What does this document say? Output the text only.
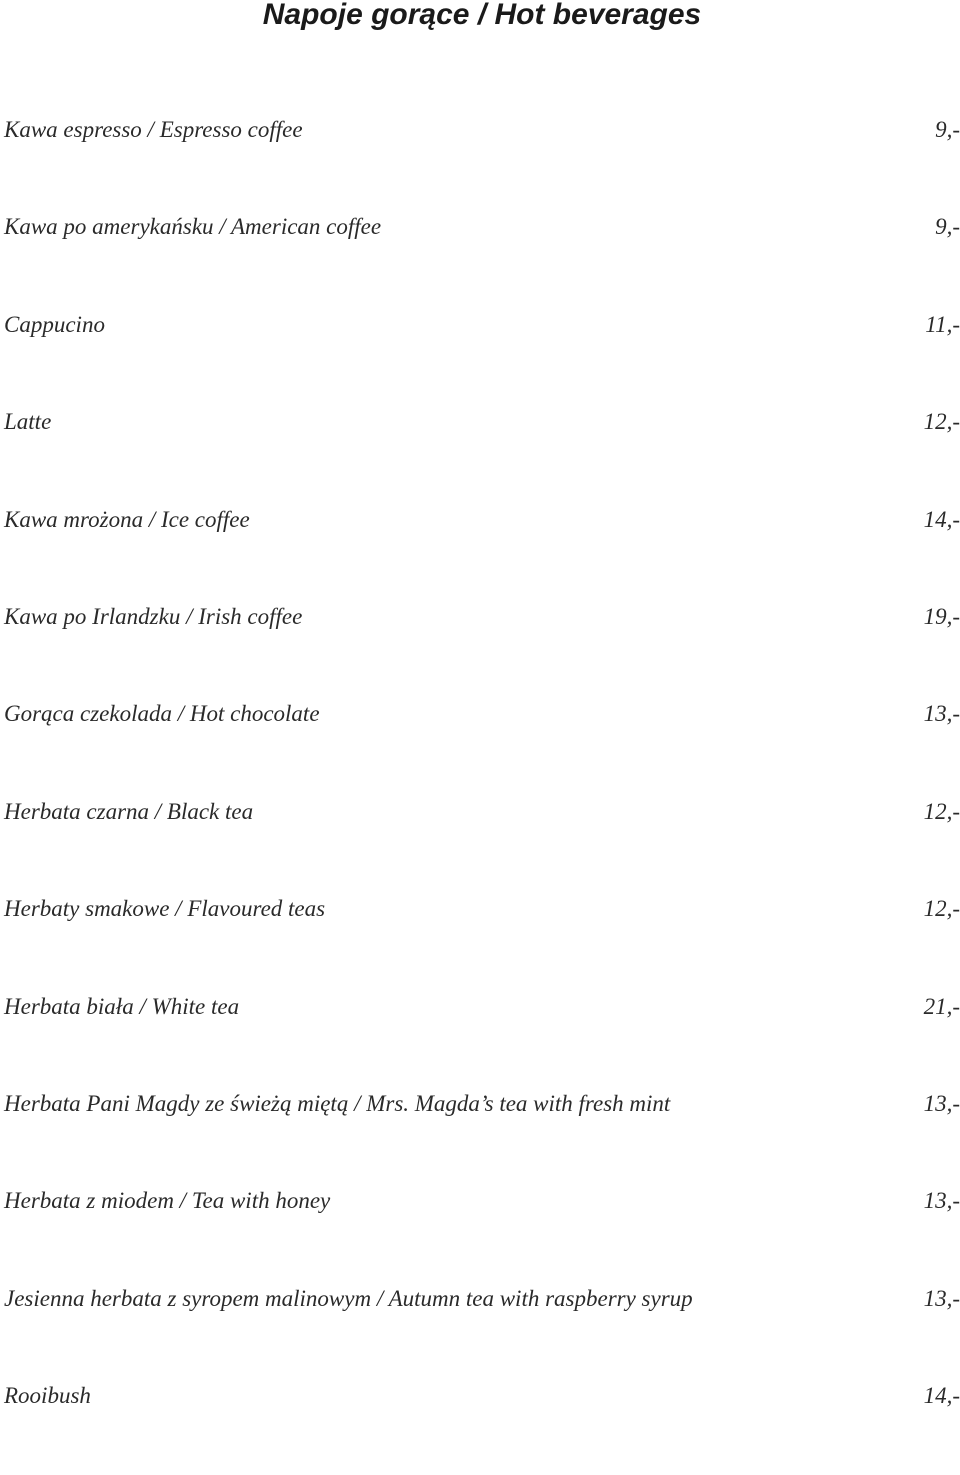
Napoje gorące / Hot beverages
Kawa espresso / Espresso coffee	9,-
Kawa po amerykańsku / American coffee	9,-
Cappucino	11,-
Latte	12,-
Kawa mrożona / Ice coffee	14,-
Kawa po Irlandzku / Irish coffee	19,-
Gorąca czekolada / Hot chocolate	13,-
Herbata czarna / Black tea	12,-
Herbaty smakowe / Flavoured teas	12,-
Herbata biała / White tea	21,-
Herbata Pani Magdy ze świeżą miętą / Mrs. Magda’s tea with fresh mint	13,-
Herbata z miodem / Tea with honey	13,-
Jesienna herbata z syropem malinowym / Autumn tea with raspberry syrup	13,-
Rooibush	14,-
